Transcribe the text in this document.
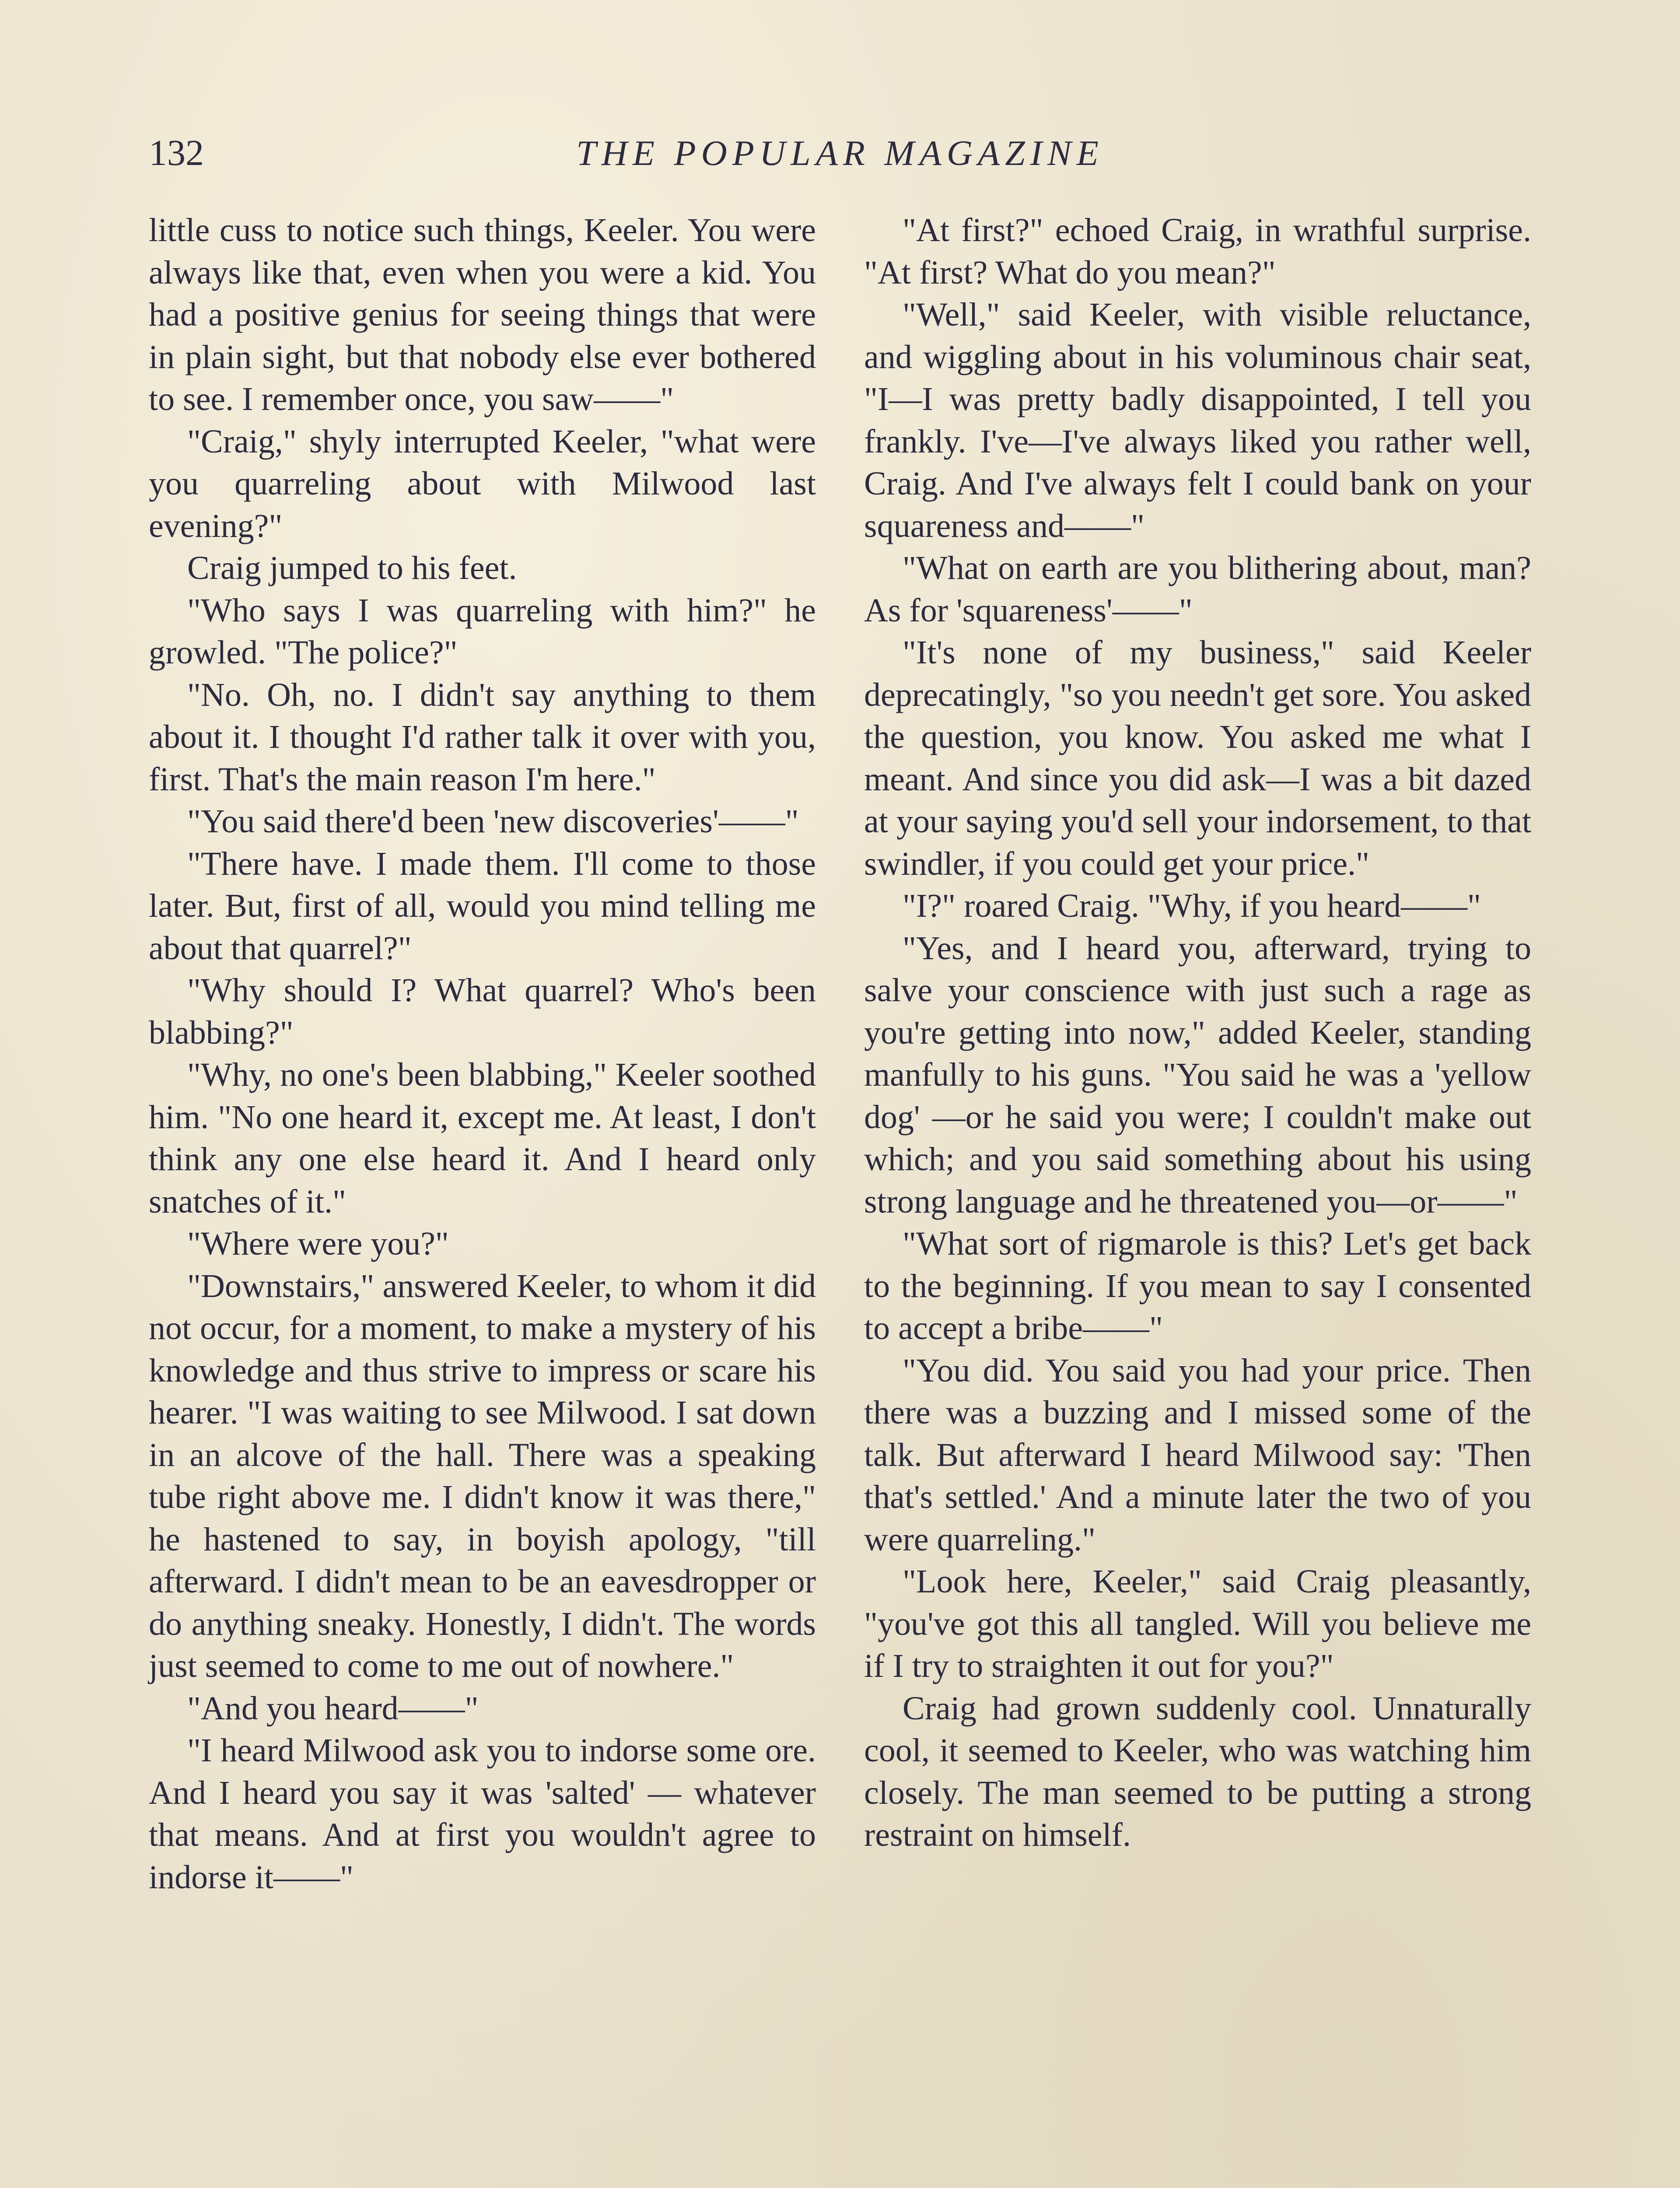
132	THE POPULAR MAGAZINE

little cuss to notice such things, Keeler. You were always like that, even when you were a kid. You had a positive genius for seeing things that were in plain sight, but that nobody else ever bothered to see. I remember once, you saw——"

"Craig," shyly interrupted Keeler, "what were you quarreling about with Milwood last evening?"

Craig jumped to his feet.

"Who says I was quarreling with him?" he growled. "The police?"

"No. Oh, no. I didn't say anything to them about it. I thought I'd rather talk it over with you, first. That's the main reason I'm here."

"You said there'd been 'new discoveries'——"

"There have. I made them. I'll come to those later. But, first of all, would you mind telling me about that quarrel?"

"Why should I? What quarrel? Who's been blabbing?"

"Why, no one's been blabbing," Keeler soothed him. "No one heard it, except me. At least, I don't think any one else heard it. And I heard only snatches of it."

"Where were you?"

"Downstairs," answered Keeler, to whom it did not occur, for a moment, to make a mystery of his knowledge and thus strive to impress or scare his hearer. "I was waiting to see Milwood. I sat down in an alcove of the hall. There was a speaking tube right above me. I didn't know it was there," he hastened to say, in boyish apology, "till afterward. I didn't mean to be an eavesdropper or do anything sneaky. Honestly, I didn't. The words just seemed to come to me out of nowhere."

"And you heard——"

"I heard Milwood ask you to indorse some ore. And I heard you say it was 'salted' — whatever that means. And at first you wouldn't agree to indorse it——"

"At first?" echoed Craig, in wrathful surprise. "At first? What do you mean?"

"Well," said Keeler, with visible reluctance, and wiggling about in his voluminous chair seat, "I—I was pretty badly disappointed, I tell you frankly. I've—I've always liked you rather well, Craig. And I've always felt I could bank on your squareness and——"

"What on earth are you blithering about, man? As for 'squareness'——"

"It's none of my business," said Keeler deprecatingly, "so you needn't get sore. You asked the question, you know. You asked me what I meant. And since you did ask—I was a bit dazed at your saying you'd sell your indorsement, to that swindler, if you could get your price."

"I?" roared Craig. "Why, if you heard——"

"Yes, and I heard you, afterward, trying to salve your conscience with just such a rage as you're getting into now," added Keeler, standing manfully to his guns. "You said he was a 'yellow dog' —or he said you were; I couldn't make out which; and you said something about his using strong language and he threatened you—or——"

"What sort of rigmarole is this? Let's get back to the beginning. If you mean to say I consented to accept a bribe——"

"You did. You said you had your price. Then there was a buzzing and I missed some of the talk. But afterward I heard Milwood say: 'Then that's settled.' And a minute later the two of you were quarreling."

"Look here, Keeler," said Craig pleasantly, "you've got this all tangled. Will you believe me if I try to straighten it out for you?"

Craig had grown suddenly cool. Unnaturally cool, it seemed to Keeler, who was watching him closely. The man seemed to be putting a strong restraint on himself.
